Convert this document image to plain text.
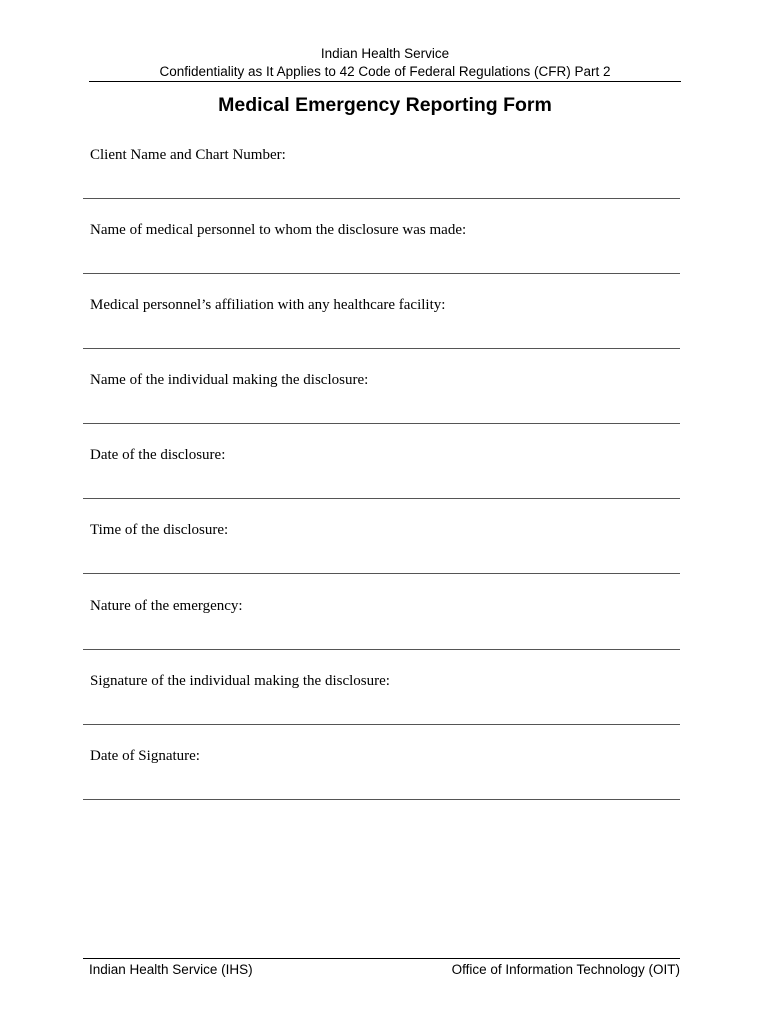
Indian Health Service
Confidentiality as It Applies to 42 Code of Federal Regulations (CFR) Part 2
Medical Emergency Reporting Form
Client Name and Chart Number:
Name of medical personnel to whom the disclosure was made:
Medical personnel’s affiliation with any healthcare facility:
Name of the individual making the disclosure:
Date of the disclosure:
Time of the disclosure:
Nature of the emergency:
Signature of the individual making the disclosure:
Date of Signature:
Indian Health Service (IHS)	Office of Information Technology (OIT)
